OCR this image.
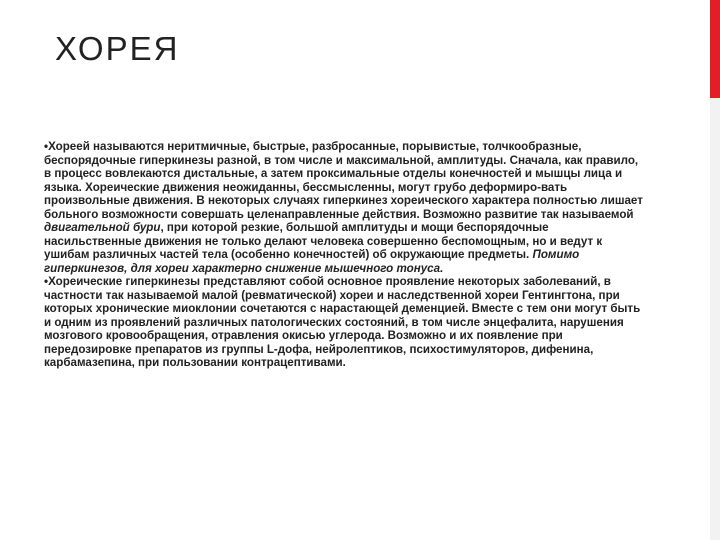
ХОРЕЯ

•Хореей называются неритмичные, быстрые, разбросанные, порывистые, толчкообразные, беспорядочные гиперкинезы разной, в том числе и максимальной, амплитуды. Сначала, как правило, в процесс вовлекаются дистальные, а затем проксимальные отделы конечностей и мышцы лица и языка. Хореические движения неожиданны, бессмысленны, могут грубо деформиро-вать произвольные движения. В некоторых случаях гиперкинез хореического характера полностью лишает больного возможности совершать целенаправленные действия. Возможно развитие так называемой двигательной бури, при которой резкие, большой амплитуды и мощи беспорядочные насильственные движения не только делают человека совершенно беспомощным, но и ведут к ушибам различных частей тела (особенно конечностей) об окружающие предметы. Помимо гиперкинезов, для хореи характерно снижение мышечного тонуса.

•Хореические гиперкинезы представляют собой основное проявление некоторых заболеваний, в частности так называемой малой (ревматической) хореи и наследственной хореи Гентингтона, при которых хронические миоклонии сочетаются с нарастающей деменцией. Вместе с тем они могут быть и одним из проявлений различных патологических состояний, в том числе энцефалита, нарушения мозгового кровообращения, отравления окисью углерода. Возможно и их появление при передозировке препаратов из группы L-дофа, нейролептиков, психостимуляторов, дифенина, карбамазепина, при пользовании контрацептивами.
